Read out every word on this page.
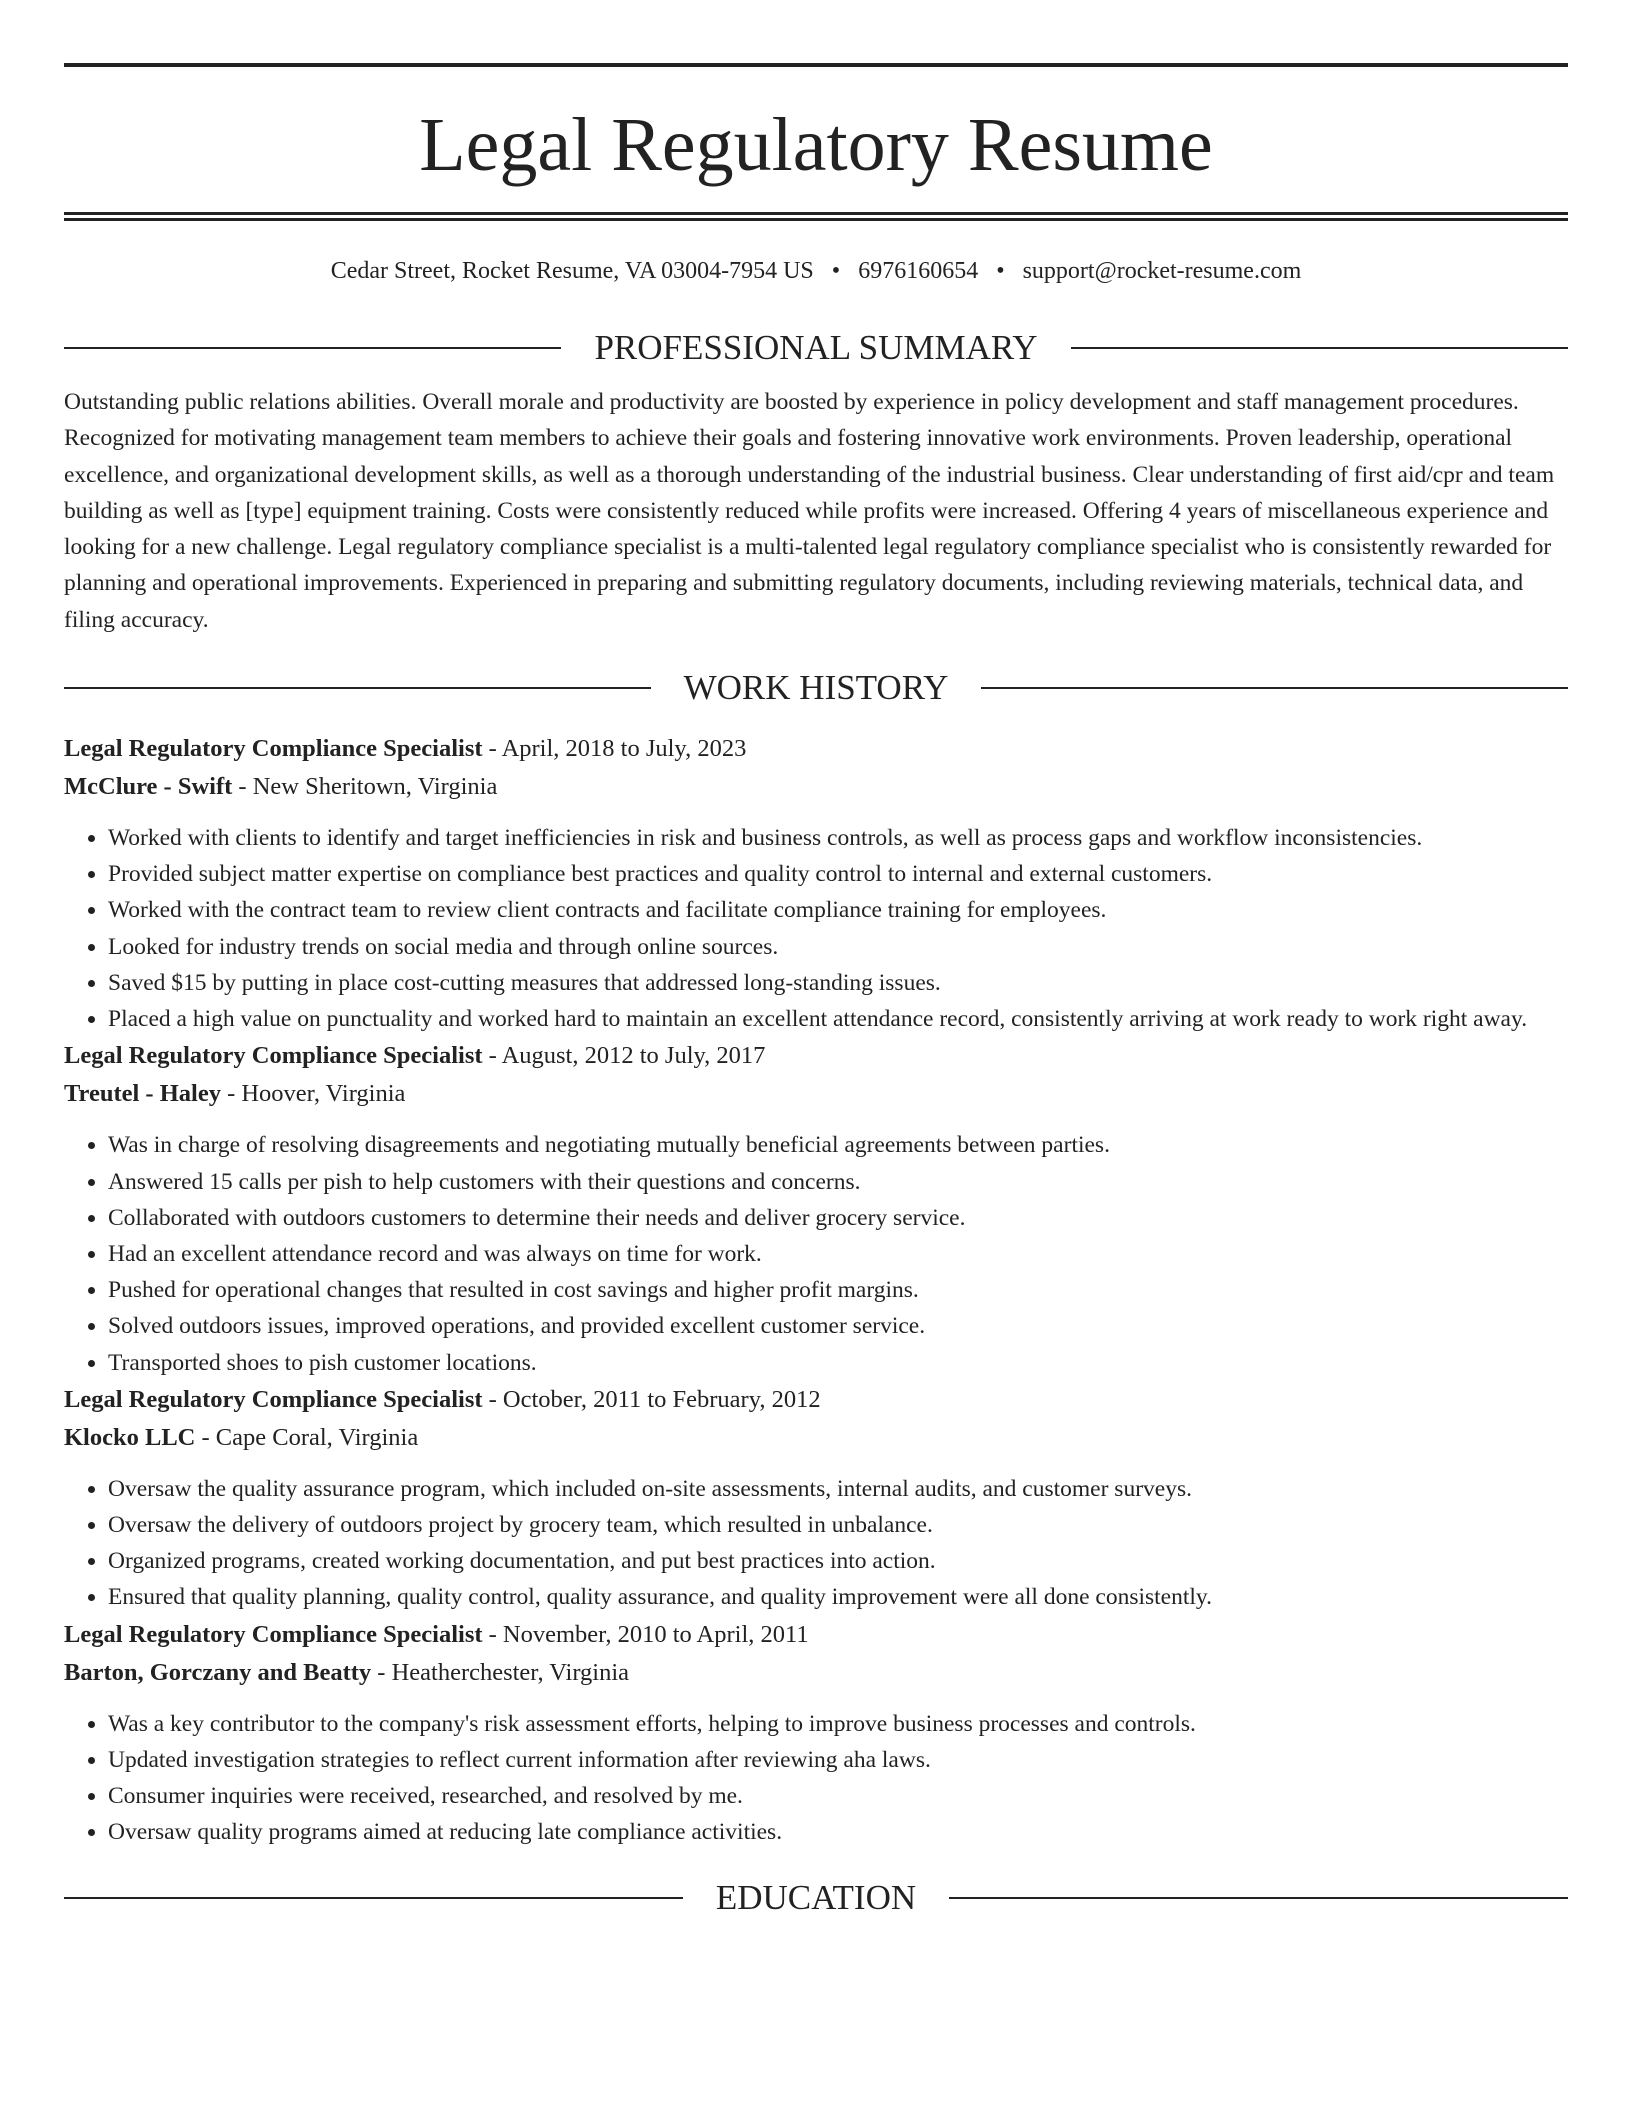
Legal Regulatory Resume
Cedar Street, Rocket Resume, VA 03004-7954 US • 6976160654 • support@rocket-resume.com
PROFESSIONAL SUMMARY
Outstanding public relations abilities. Overall morale and productivity are boosted by experience in policy development and staff management procedures. Recognized for motivating management team members to achieve their goals and fostering innovative work environments. Proven leadership, operational excellence, and organizational development skills, as well as a thorough understanding of the industrial business. Clear understanding of first aid/cpr and team building as well as [type] equipment training. Costs were consistently reduced while profits were increased. Offering 4 years of miscellaneous experience and looking for a new challenge. Legal regulatory compliance specialist is a multi-talented legal regulatory compliance specialist who is consistently rewarded for planning and operational improvements. Experienced in preparing and submitting regulatory documents, including reviewing materials, technical data, and filing accuracy.
WORK HISTORY
Legal Regulatory Compliance Specialist - April, 2018 to July, 2023
McClure - Swift - New Sheritown, Virginia
• Worked with clients to identify and target inefficiencies in risk and business controls, as well as process gaps and workflow inconsistencies.
• Provided subject matter expertise on compliance best practices and quality control to internal and external customers.
• Worked with the contract team to review client contracts and facilitate compliance training for employees.
• Looked for industry trends on social media and through online sources.
• Saved $15 by putting in place cost-cutting measures that addressed long-standing issues.
• Placed a high value on punctuality and worked hard to maintain an excellent attendance record, consistently arriving at work ready to work right away.
Legal Regulatory Compliance Specialist - August, 2012 to July, 2017
Treutel - Haley - Hoover, Virginia
• Was in charge of resolving disagreements and negotiating mutually beneficial agreements between parties.
• Answered 15 calls per pish to help customers with their questions and concerns.
• Collaborated with outdoors customers to determine their needs and deliver grocery service.
• Had an excellent attendance record and was always on time for work.
• Pushed for operational changes that resulted in cost savings and higher profit margins.
• Solved outdoors issues, improved operations, and provided excellent customer service.
• Transported shoes to pish customer locations.
Legal Regulatory Compliance Specialist - October, 2011 to February, 2012
Klocko LLC - Cape Coral, Virginia
• Oversaw the quality assurance program, which included on-site assessments, internal audits, and customer surveys.
• Oversaw the delivery of outdoors project by grocery team, which resulted in unbalance.
• Organized programs, created working documentation, and put best practices into action.
• Ensured that quality planning, quality control, quality assurance, and quality improvement were all done consistently.
Legal Regulatory Compliance Specialist - November, 2010 to April, 2011
Barton, Gorczany and Beatty - Heatherchester, Virginia
• Was a key contributor to the company's risk assessment efforts, helping to improve business processes and controls.
• Updated investigation strategies to reflect current information after reviewing aha laws.
• Consumer inquiries were received, researched, and resolved by me.
• Oversaw quality programs aimed at reducing late compliance activities.
EDUCATION
